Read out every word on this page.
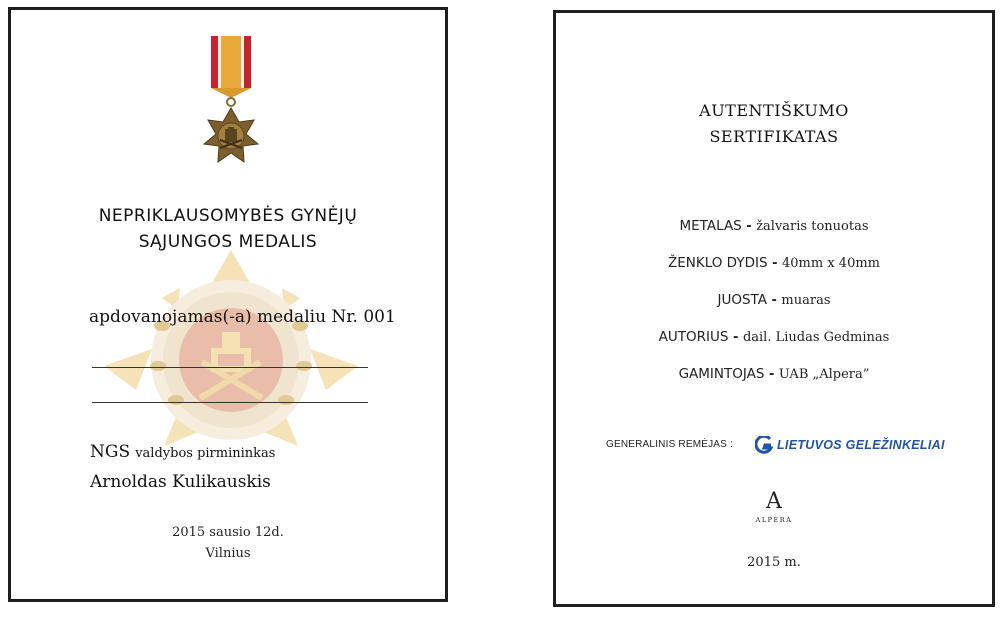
NEPRIKLAUSOMYBĖS GYNĖJŲ
SĄJUNGOS MEDALIS
apdovanojamas(-a) medaliu Nr. 001
NGS valdybos pirmininkas
Arnoldas Kulikauskis
2015 sausio 12d.
Vilnius
AUTENTIŠKUMO
SERTIFIKATAS
METALAS - žalvaris tonuotas
ŽENKLO DYDIS - 40mm x 40mm
JUOSTA - muaras
AUTORIUS - dail. Liudas Gedminas
GAMINTOJAS - UAB „Alpera”
GENERALINIS REMĖJAS :	LIETUVOS GELEŽINKELIAI
A
ALPERA
2015 m.
